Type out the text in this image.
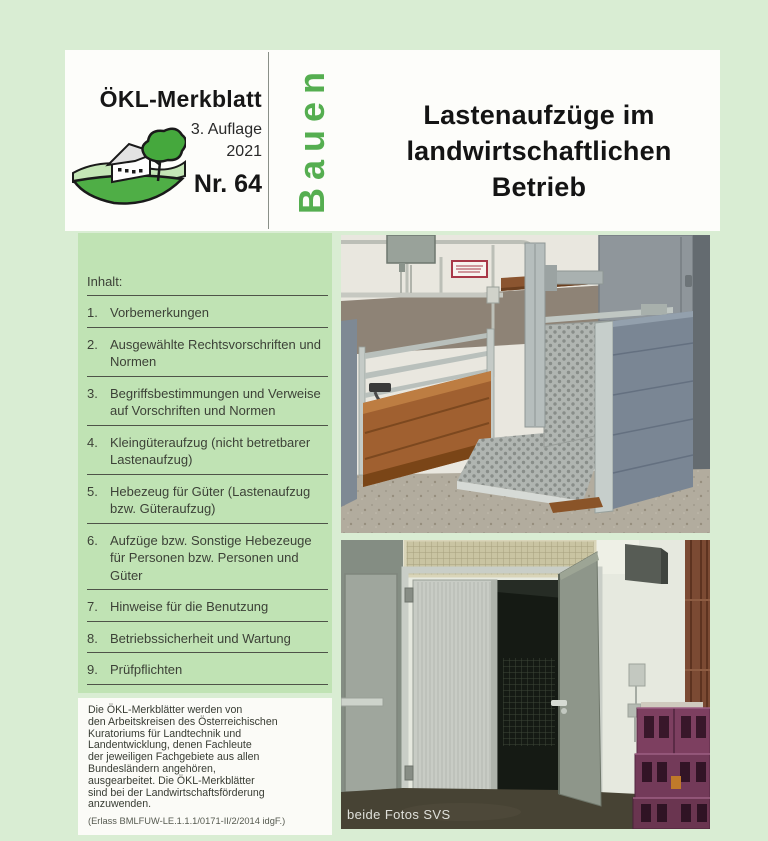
ÖKL-Merkblatt
3. Auflage
2021
Nr. 64 Bauen	Lastenaufzüge im
landwirtschaftlichen
Betrieb
Inhalt:
1. Vorbemerkungen
2. Ausgewählte Rechtsvorschriften und Normen
3. Begriffsbestimmungen und Verweise auf Vorschriften und Normen
4. Kleingüteraufzug (nicht betretbarer Lastenaufzug)
5. Hebezeug für Güter (Lastenaufzug bzw. Güteraufzug)
6. Aufzüge bzw. Sonstige Hebezeuge für Personen bzw. Personen und Güter
7. Hinweise für die Benutzung
8. Betriebssicherheit und Wartung
9. Prüfpflichten
Die ÖKL-Merkblätter werden von
den Arbeitskreisen des Österreichischen
Kuratoriums für Landtechnik und
Landentwicklung, denen Fachleute
der jeweiligen Fachgebiete aus allen
Bundesländern angehören,
ausgearbeitet. Die ÖKL-Merkblätter
sind bei der Landwirtschaftsförderung
anzuwenden.
(Erlass BMLFUW-LE.1.1.1/0171-II/2/2014 idgF.)	beide Fotos SVS
